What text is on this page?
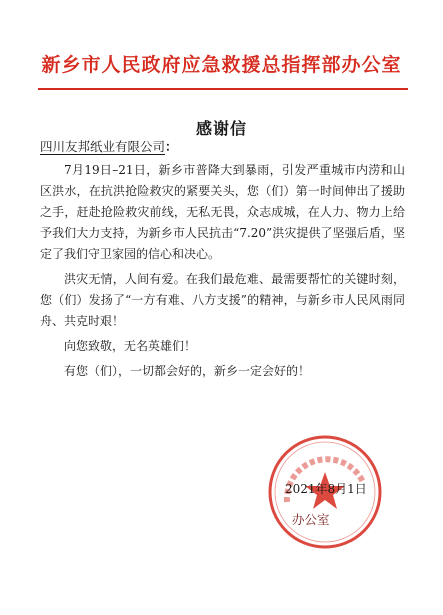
新乡市人民政府应急救援总指挥部办公室
感谢信
四川友邦纸业有限公司：

7月19日–21日，新乡市普降大到暴雨，引发严重城市内涝和山区洪水，在抗洪抢险救灾的紧要关头，您（们）第一时间伸出了援助之手，赶赴抢险救灾前线，无私无畏，众志成城，在人力、物力上给予我们大力支持，为新乡市人民抗击“7.20”洪灾提供了坚强后盾，坚定了我们守卫家园的信心和决心。

洪灾无情，人间有爱。在我们最危难、最需要帮忙的关键时刻，您（们）发扬了“一方有难、八方支援”的精神，与新乡市人民风雨同舟、共克时艰！

向您致敬，无名英雄们！

有您（们），一切都会好的，新乡一定会好的！

2021年8月1日
办公室
